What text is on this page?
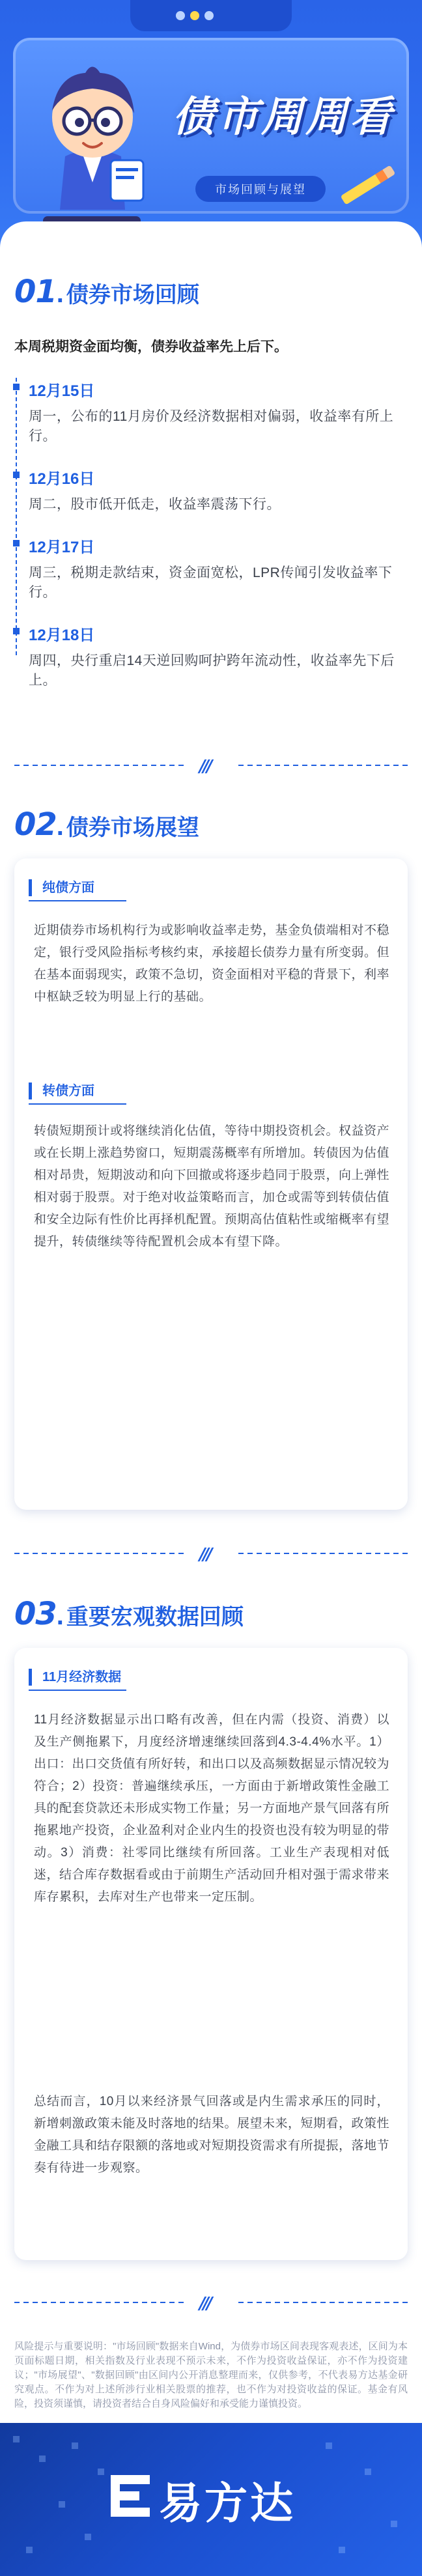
债市周周看
市场回顾与展望
01 . 债券市场回顾
本周税期资金面均衡，债券收益率先上后下。
12月15日
周一，公布的11月房价及经济数据相对偏弱，收益率有所上行。
12月16日
周二，股市低开低走，收益率震荡下行。
12月17日
周三，税期走款结束，资金面宽松，LPR传闻引发收益率下行。
12月18日
周四，央行重启14天逆回购呵护跨年流动性，收益率先下后上。
///
02 . 债券市场展望
纯债方面
近期债券市场机构行为或影响收益率走势，基金负债端相对不稳定，银行受风险指标考核约束，承接超长债券力量有所变弱。但在基本面弱现实，政策不急切，资金面相对平稳的背景下，利率中枢缺乏较为明显上行的基础。
转债方面
转债短期预计或将继续消化估值，等待中期投资机会。权益资产或在长期上涨趋势窗口，短期震荡概率有所增加。转债因为估值相对昂贵，短期波动和向下回撤或将逐步趋同于股票，向上弹性相对弱于股票。对于绝对收益策略而言，加仓或需等到转债估值和安全边际有性价比再择机配置。预期高估值粘性或缩概率有望提升，转债继续等待配置机会成本有望下降。
///
03 . 重要宏观数据回顾
11月经济数据
11月经济数据显示出口略有改善，但在内需（投资、消费）以及生产侧拖累下，月度经济增速继续回落到4.3-4.4%水平。1）出口：出口交货值有所好转，和出口以及高频数据显示情况较为符合；2）投资：普遍继续承压，一方面由于新增政策性金融工具的配套贷款还未形成实物工作量；另一方面地产景气回落有所拖累地产投资，企业盈利对企业内生的投资也没有较为明显的带动。3）消费：社零同比继续有所回落。工业生产表现相对低迷，结合库存数据看或由于前期生产活动回升相对强于需求带来库存累积，去库对生产也带来一定压制。
总结而言，10月以来经济景气回落或是内生需求承压的同时，新增刺激政策未能及时落地的结果。展望未来，短期看，政策性金融工具和结存限额的落地或对短期投资需求有所提振，落地节奏有待进一步观察。
///
风险提示与重要说明："市场回顾"数据来自Wind，为债券市场区间表现客观表述，区间为本页面标题日期，相关指数及行业表现不预示未来，不作为投资收益保证，亦不作为投资建议；"市场展望"、"数据回顾"由区间内公开消息整理而来，仅供参考，不代表易方达基金研究观点。不作为对上述所涉行业相关股票的推荐，也不作为对投资收益的保证。基金有风险，投资须谨慎，请投资者结合自身风险偏好和承受能力谨慎投资。
易方达
